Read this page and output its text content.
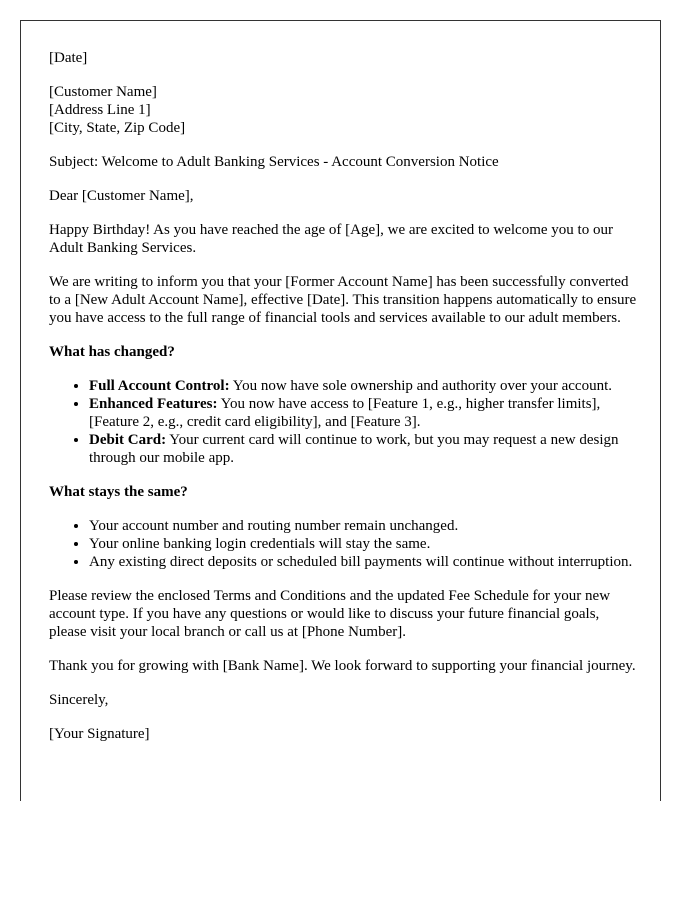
[Date]

[Customer Name]
[Address Line 1]
[City, State, Zip Code]

Subject: Welcome to Adult Banking Services - Account Conversion Notice

Dear [Customer Name],

Happy Birthday! As you have reached the age of [Age], we are excited to welcome you to our Adult Banking Services.

We are writing to inform you that your [Former Account Name] has been successfully converted to a [New Adult Account Name], effective [Date]. This transition happens automatically to ensure you have access to the full range of financial tools and services available to our adult members.

What has changed?
• Full Account Control: You now have sole ownership and authority over your account.
• Enhanced Features: You now have access to [Feature 1, e.g., higher transfer limits], [Feature 2, e.g., credit card eligibility], and [Feature 3].
• Debit Card: Your current card will continue to work, but you may request a new design through our mobile app.
What stays the same?
• Your account number and routing number remain unchanged.
• Your online banking login credentials will stay the same.
• Any existing direct deposits or scheduled bill payments will continue without interruption.

Please review the enclosed Terms and Conditions and the updated Fee Schedule for your new account type. If you have any questions or would like to discuss your future financial goals, please visit your local branch or call us at [Phone Number].

Thank you for growing with [Bank Name]. We look forward to supporting your financial journey.

Sincerely,

[Your Signature]
